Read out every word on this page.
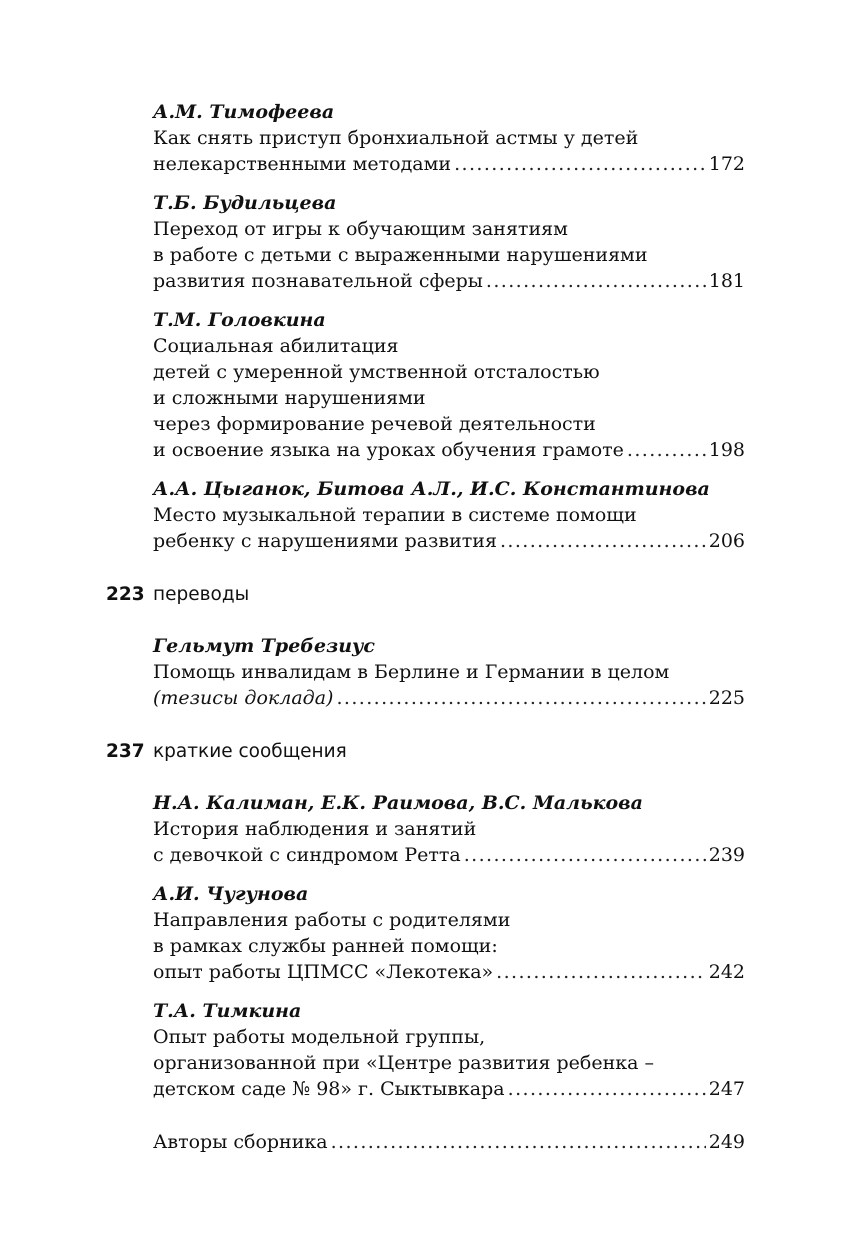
А.М. Тимофеева

Как снять приступ бронхиальной астмы у детей

нелекарственными методами .....	172

Т.Б. Будильцева

Переход от игры к обучающим занятиям

в работе с детьми с выраженными нарушениями

развития познавательной сферы .....	181

Т.М. Головкина

Социальная абилитация

детей с умеренной умственной отсталостью

и сложными нарушениями

через формирование речевой деятельности

и освоение языка на уроках обучения грамоте .....	198

А.А. Цыганок, Битова А.Л., И.С. Константинова

Место музыкальной терапии в системе помощи

ребенку с нарушениями развития .....	206
223 переводы

Гельмут Требезиус

Помощь инвалидам в Берлине и Германии в целом

(тезисы доклада) .....	225
237 краткие сообщения

Н.А. Калиман, Е.К. Раимова, В.С. Малькова

История наблюдения и занятий

с девочкой с синдромом Ретта .....	239

А.И. Чугунова

Направления работы с родителями

в рамках службы ранней помощи:

опыт работы ЦПМСС «Лекотека» .....	242

Т.А. Тимкина

Опыт работы модельной группы,

организованной при «Центре развития ребенка –

детском саде № 98» г. Сыктывкара .....	247
Авторы сборника .....	249
